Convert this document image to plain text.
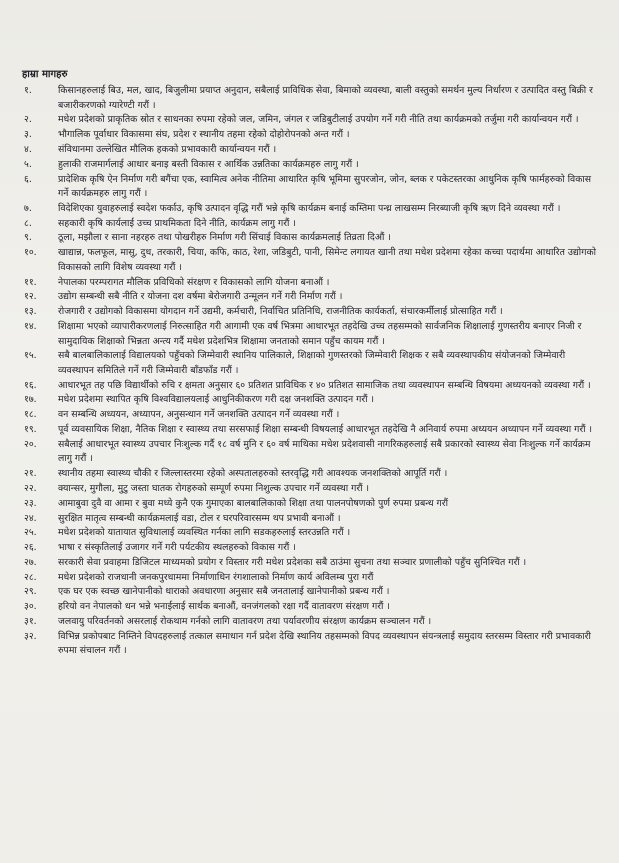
हाम्रा मागहरु
१.	किसानहरुलाई बिउ, मल, खाद, बिजुलीमा प्रयाप्त अनुदान, सबैलाई प्राविधिक सेवा, बिमाको व्यवस्था, बाली वस्तुको समर्थन मुल्य निर्धारण र उत्पादित वस्तु बिक्री र बजारीकरणको ग्यारेण्टी गरौं ।
२.	मधेश प्रदेशको प्राकृतिक स्रोत र साधनका रुपमा रहेको जल, जमिन, जंगल र जडिबुटीलाई उपयोग गर्ने गरी नीति तथा कार्यक्रमको तर्जुमा गरी कार्यान्वयन गरौं ।
३.	भौगालिक पूर्वाधार विकासमा संघ, प्रदेश र स्थानीय तहमा रहेको दोहोरोपनको अन्त गरौं ।
४.	संविधानमा उल्लेखित मौलिक हकको प्रभावकारी कार्यान्वयन गरौं ।
५.	हुलाकी राजमार्गलाई आधार बनाइ बस्ती विकास र आर्थिक उन्नतिका कार्यक्रमहरु लागु गरौं ।
६.	प्रादेशिक कृषि ऐन निर्माण गरी बगैंचा एक, स्वामित्व अनेक नीतिमा आधारित कृषि भूमिमा सुपरजोन, जोन, ब्लक र पकेटस्तरका आधुनिक कृषि फार्महरुको विकास गर्ने कार्यक्रमहरु लागु गरौं ।
७.	विदेशिएका युवाहरुलाई स्वदेश फर्काउ, कृषि उत्पादन वृद्धि गरौं भन्ने कृषि कार्यक्रम बनाई कम्तिमा पन्ध्र लाखसम्म निरब्याजी कृषि ऋण दिने व्यवस्था गरौं ।
८.	सहकारी कृषि कार्यलाई उच्च प्राथमिकता दिने नीति, कार्यक्रम लागु गरौं ।
९.	ठूला, मझौला र साना नहरहरु तथा पोखरीहरु निर्माण गरी सिंचाई विकास कार्यक्रमलाई तिव्रता दिऔं ।
१०.	खाद्यान्न, फलफूल, मासु, दुध, तरकारी, चिया, कफि, काठ, रेशा, जडिबुटी, पानी, सिमेन्ट लगायत खानी तथा मधेश प्रदेशमा रहेका कच्चा पदार्थमा आधारित उद्योगको विकासको लागि विशेष व्यवस्था गरौं ।
११.	नेपालका परम्परागत मौलिक प्रविधिको संरक्षण र विकासको लागि योजना बनाऔं ।
१२.	उद्योग सम्बन्धी सबै नीति र योजना दश वर्षमा बेरोजगारी उन्मूलन गर्ने गरी निर्माण गरौं ।
१३.	रोजगारी र उद्योगको विकासमा योगदान गर्ने उद्यमी, कर्मचारी, निर्वाचित प्रतिनिधि, राजनीतिक कार्यकर्ता, संचारकर्मीलाई प्रोत्साहित गरौं ।
१४.	शिक्षामा भएको व्यापारीकरणलाई निरुत्साहित गरी आगामी एक वर्ष भित्रमा आधारभूत तहदेखि उच्च तहसम्मको सार्वजनिक शिक्षालाई गुणस्तरीय बनाएर निजी र सामुदायिक शिक्षाको भिन्नता अन्त्य गर्दै मधेश प्रदेशभित्र शिक्षामा जनताको समान पहुँच कायम गरौं ।
१५.	सबै बालबालिकालाई विद्यालयको पहुँचको जिम्मेवारी स्थानिय पालिकाले, शिक्षाको गुणस्तरको जिम्मेवारी शिक्षक र सबै व्यवस्थापकीय संयोजनको जिम्मेवारी व्यवस्थापन समितिले गर्ने गरी जिम्मेवारी बाँडफाँड गरौं ।
१६.	आधारभूत तह पछि विद्यार्थीको रुचि र क्षमता अनुसार ६० प्रतिशत प्राविधिक र ४० प्रतिशत सामाजिक तथा व्यवस्थापन सम्बन्धि विषयमा अध्ययनको व्यवस्था गरौं ।
१७.	मधेश प्रदेशमा स्थापित कृषि विश्वविद्यालयलाई आधुनिकीकरण गरी दक्ष जनशक्ति उत्पादन गरौं ।
१८.	वन सम्बन्धि अध्ययन, अध्यापन, अनुसन्धान गर्ने जनशक्ति उत्पादन गर्ने व्यवस्था गरौं ।
१९.	पूर्व व्यवसायिक शिक्षा, नैतिक शिक्षा र स्वास्थ्य तथा सरसफाई शिक्षा सम्बन्धी विषयलाई आधारभूत तहदेखि नै अनिवार्य रुपमा अध्ययन अध्यापन गर्ने व्यवस्था गरौं ।
२०.	सबैलाई आधारभूत स्वास्थ्य उपचार निःशुल्क गर्दै १८ वर्ष मुनि र ६० वर्ष माथिका मधेश प्रदेशवासी नागरिकहरुलाई सबै प्रकारको स्वास्थ्य सेवा निःशुल्क गर्ने कार्यक्रम लागु गरौं ।
२१.	स्थानीय तहमा स्वास्थ्य चौकी र जिल्लास्तरमा रहेको अस्पतालहरुको स्तरवृद्धि गरी आवश्यक जनशक्तिको आपूर्ति गरौं ।
२२.	क्यान्सर, मुगौला, मुटु जस्ता घातक रोगहरुको सम्पूर्ण रुपमा निशुल्क उपचार गर्ने व्यवस्था गरौं ।
२३.	आमाबुवा दुवै वा आमा र बुवा मध्ये कुनै एक गुमाएका बालबालिकाको शिक्षा तथा पालनपोषणको पुर्ण रुपमा प्रबन्ध गरौं
२४.	सुरक्षित मातृत्व सम्बन्धी कार्यक्रमलाई वडा, टोल र घरपरिवारसम्म थप प्रभावी बनाऔं ।
२५.	मधेश प्रदेशको यातायात सुविधालाई व्यवस्थित गर्नका लागि सडकहरुलाई स्तरउन्नति गरौं ।
२६.	भाषा र संस्कृतिलाई उजागर गर्ने गरी पर्यटकीय स्थलहरुको विकास गरौं ।
२७.	सरकारी सेवा प्रवाहमा डिजिटल माध्यमको प्रयोग र विस्तार गरी मधेश प्रदेशका सबै ठाउंमा सुचना तथा सञ्चार प्रणालीको पहुँच सुनिश्चित गरौं ।
२८.	मधेश प्रदेशको राजधानी जनकपुरधाममा निर्माणाधिन रंगशालाको निर्माण कार्य अविलम्ब पुरा गरौं
२९.	एक घर एक स्वच्छ खानेपानीको धाराको अवधारणा अनुसार सबै जनतालाई खानेपानीको प्रबन्ध गरौं ।
३०.	हरियो वन नेपालको धन भन्ने भनाईलाई सार्थक बनाऔं, वनजंगलको रक्षा गर्दै वातावरण संरक्षण गरौं ।
३१.	जलवायु परिवर्तनको असरलाई रोकथाम गर्नको लागि वातावरण तथा पर्यावरणीय संरक्षण कार्यक्रम सञ्चालन गरौं ।
३२.	विभिन्न प्रकोपबाट निम्तिने विपदहरुलाई तत्काल समाधान गर्न प्रदेश देखि स्थानिय तहसम्मको विपद व्यवस्थापन संयन्त्रलाई समुदाय स्तरसम्म विस्तार गरी प्रभावकारी रुपमा संचालन गरौं ।
